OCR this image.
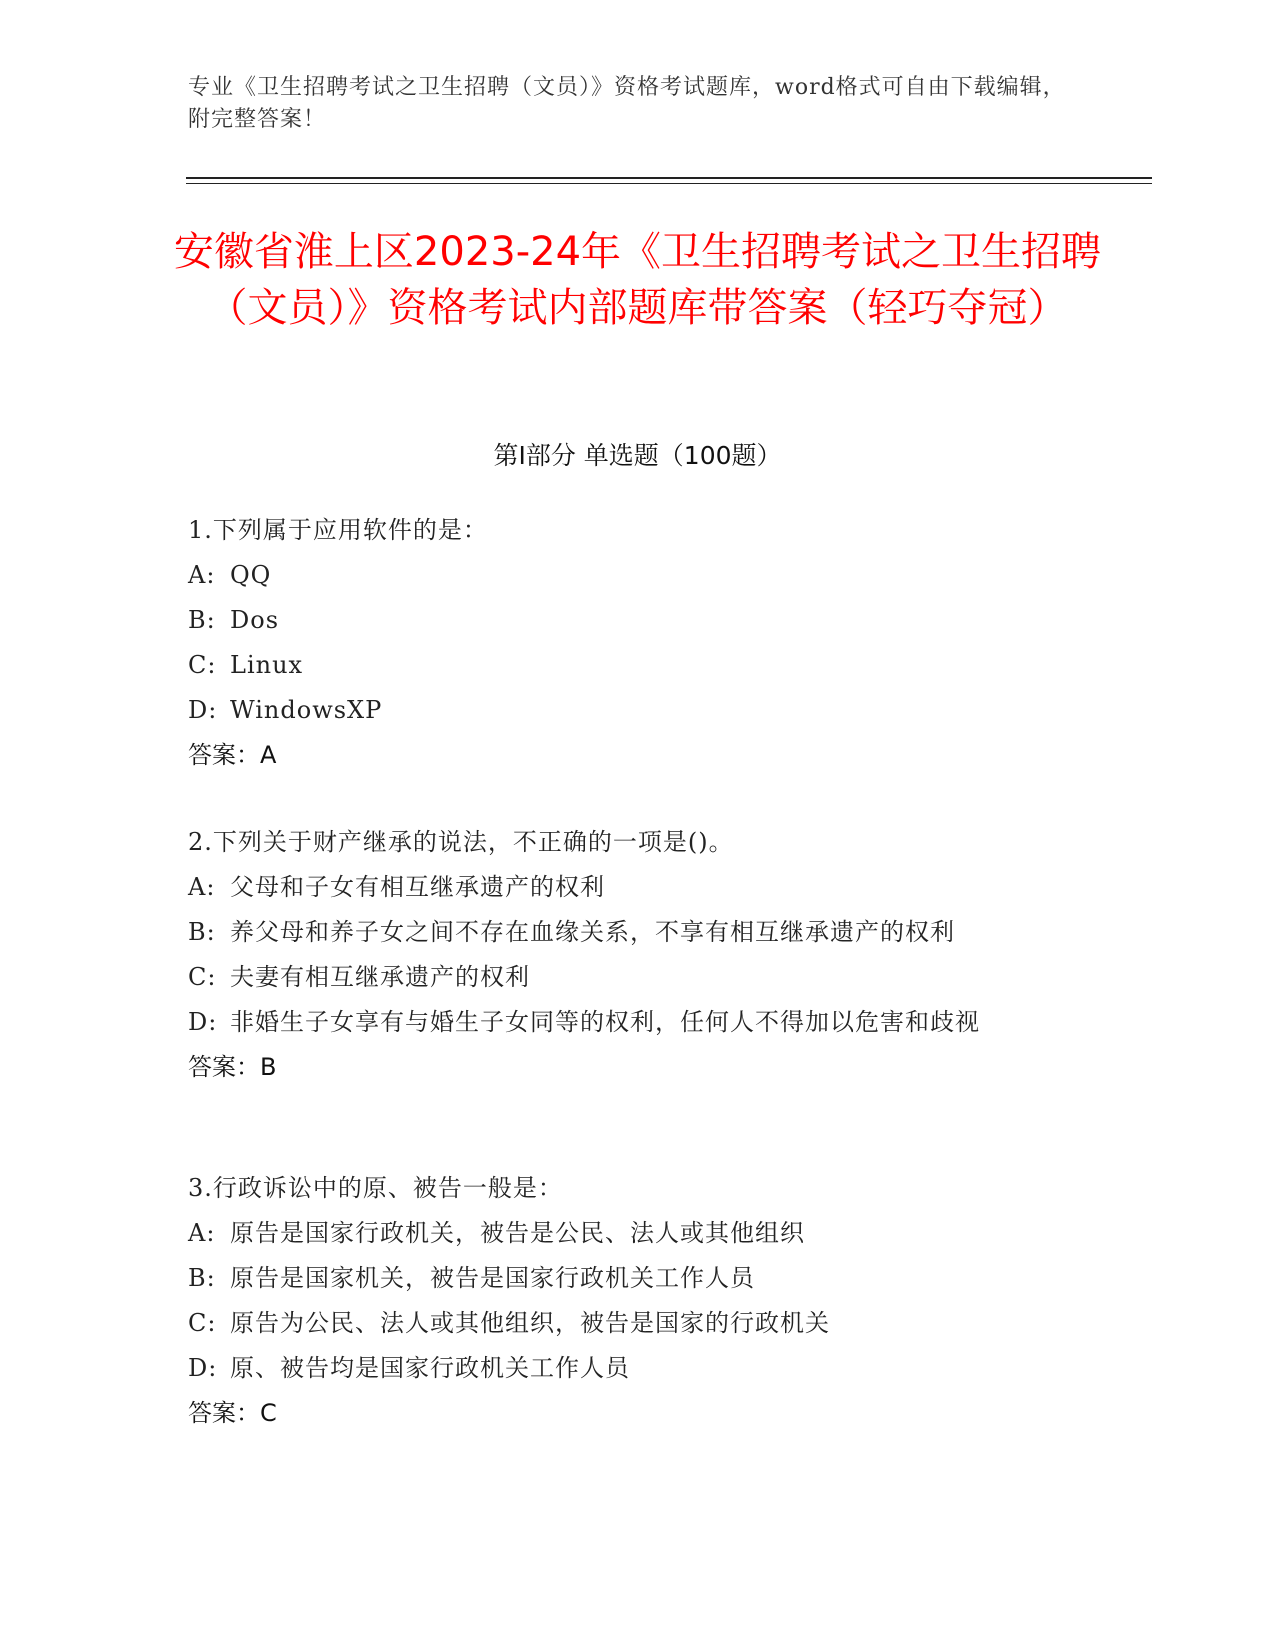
专业《卫生招聘考试之卫生招聘（文员）》资格考试题库，word格式可自由下载编辑，附完整答案！
安徽省淮上区2023-24年《卫生招聘考试之卫生招聘（文员）》资格考试内部题库带答案（轻巧夺冠）
第Ⅰ部分 单选题（100题）
1.下列属于应用软件的是：
A: QQ
B: Dos
C: Linux
D: WindowsXP
答案：A
2.下列关于财产继承的说法，不正确的一项是()。
A: 父母和子女有相互继承遗产的权利
B: 养父母和养子女之间不存在血缘关系，不享有相互继承遗产的权利
C: 夫妻有相互继承遗产的权利
D: 非婚生子女享有与婚生子女同等的权利，任何人不得加以危害和歧视
答案：B
3.行政诉讼中的原、被告一般是：
A: 原告是国家行政机关，被告是公民、法人或其他组织
B: 原告是国家机关，被告是国家行政机关工作人员
C: 原告为公民、法人或其他组织，被告是国家的行政机关
D: 原、被告均是国家行政机关工作人员
答案：C
